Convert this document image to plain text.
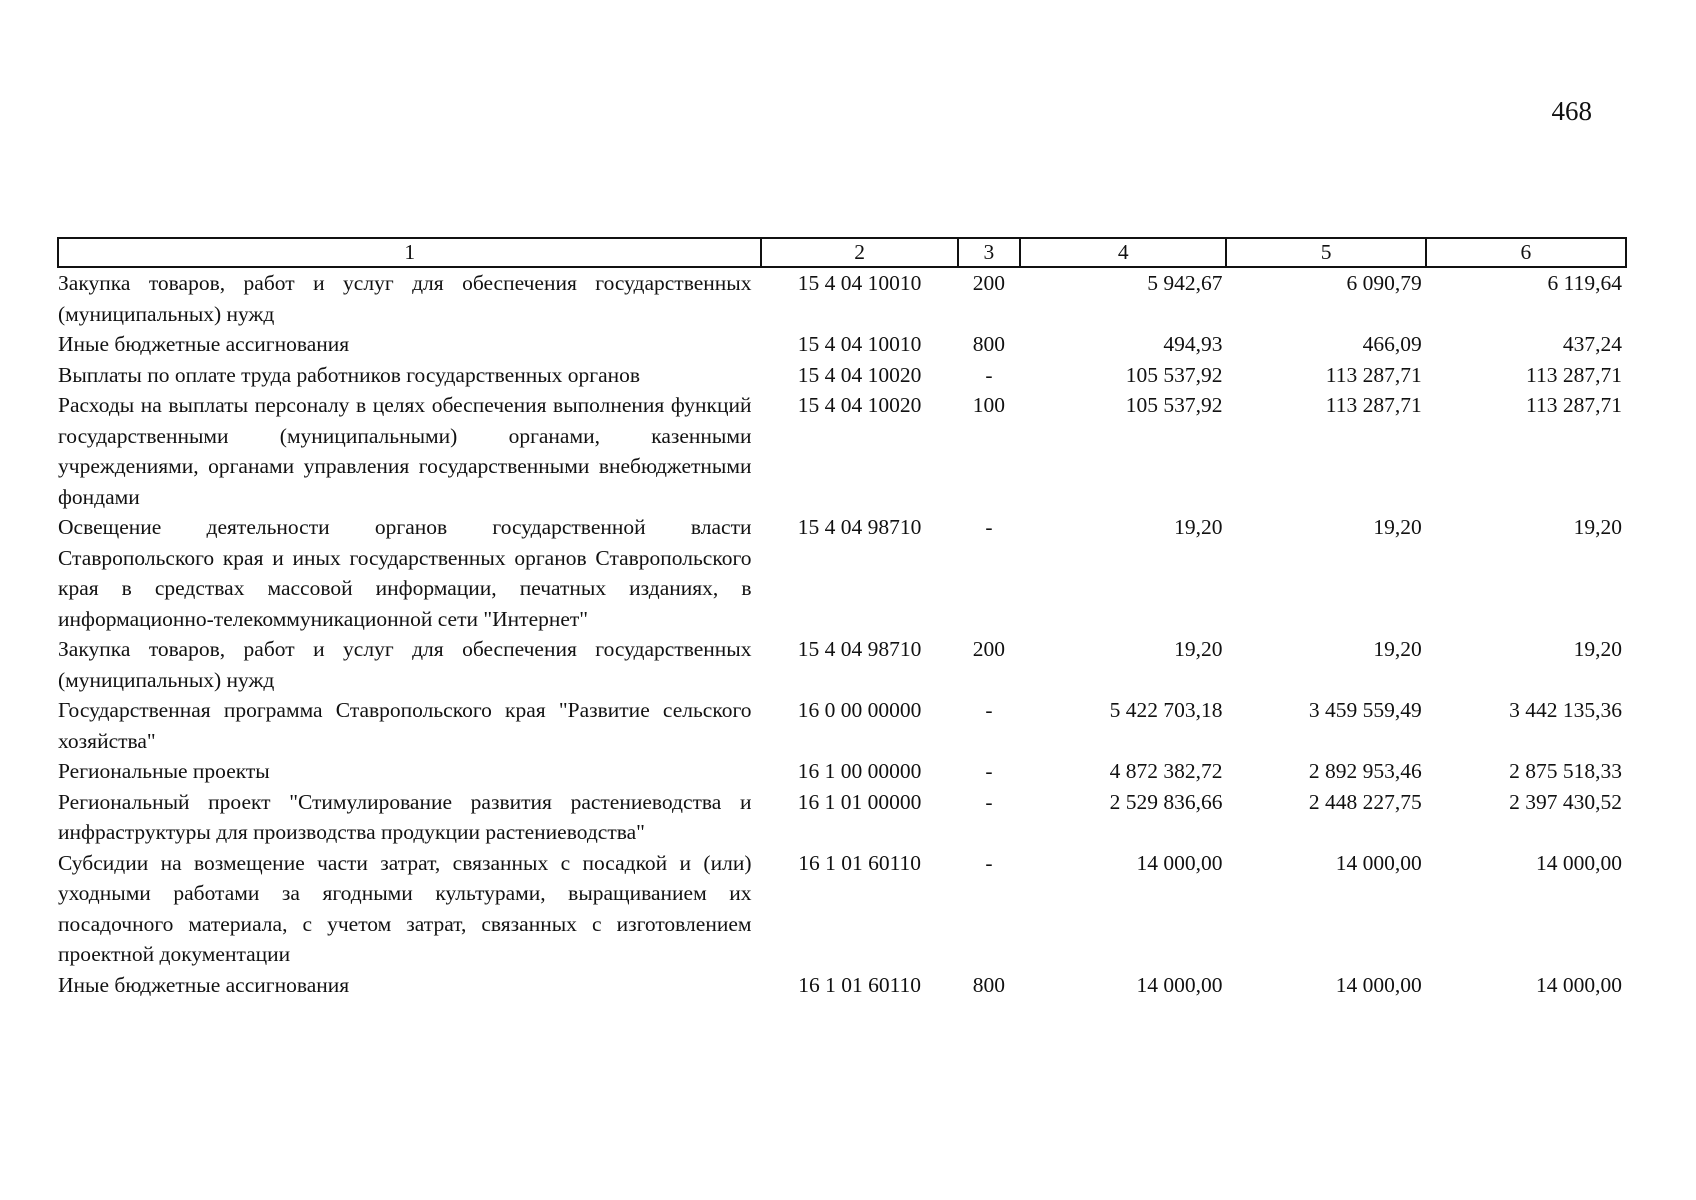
468
1	2	3	4	5	6
Закупка товаров, работ и услуг для обеспечения государственных (муниципальных) нужд	15 4 04 10010	200	5 942,67	6 090,79	6 119,64
Иные бюджетные ассигнования	15 4 04 10010	800	494,93	466,09	437,24
Выплаты по оплате труда работников государственных органов	15 4 04 10020	-	105 537,92	113 287,71	113 287,71
Расходы на выплаты персоналу в целях обеспечения выполнения функций государственными (муниципальными) органами, казенными учреждениями, органами управления государственными внебюджетными фондами	15 4 04 10020	100	105 537,92	113 287,71	113 287,71
Освещение деятельности органов государственной власти Ставропольского края и иных государственных органов Ставропольского края в средствах массовой информации, печатных изданиях, в информационно-телекоммуникационной сети "Интернет"	15 4 04 98710	-	19,20	19,20	19,20
Закупка товаров, работ и услуг для обеспечения государственных (муниципальных) нужд	15 4 04 98710	200	19,20	19,20	19,20
Государственная программа Ставропольского края "Развитие сельского хозяйства"	16 0 00 00000	-	5 422 703,18	3 459 559,49	3 442 135,36
Региональные проекты	16 1 00 00000	-	4 872 382,72	2 892 953,46	2 875 518,33
Региональный проект "Стимулирование развития растениеводства и инфраструктуры для производства продукции растениеводства"	16 1 01 00000	-	2 529 836,66	2 448 227,75	2 397 430,52
Субсидии на возмещение части затрат, связанных с посадкой и (или) уходными работами за ягодными культурами, выращиванием их посадочного материала, с учетом затрат, связанных с изготовлением проектной документации	16 1 01 60110	-	14 000,00	14 000,00	14 000,00
Иные бюджетные ассигнования	16 1 01 60110	800	14 000,00	14 000,00	14 000,00
